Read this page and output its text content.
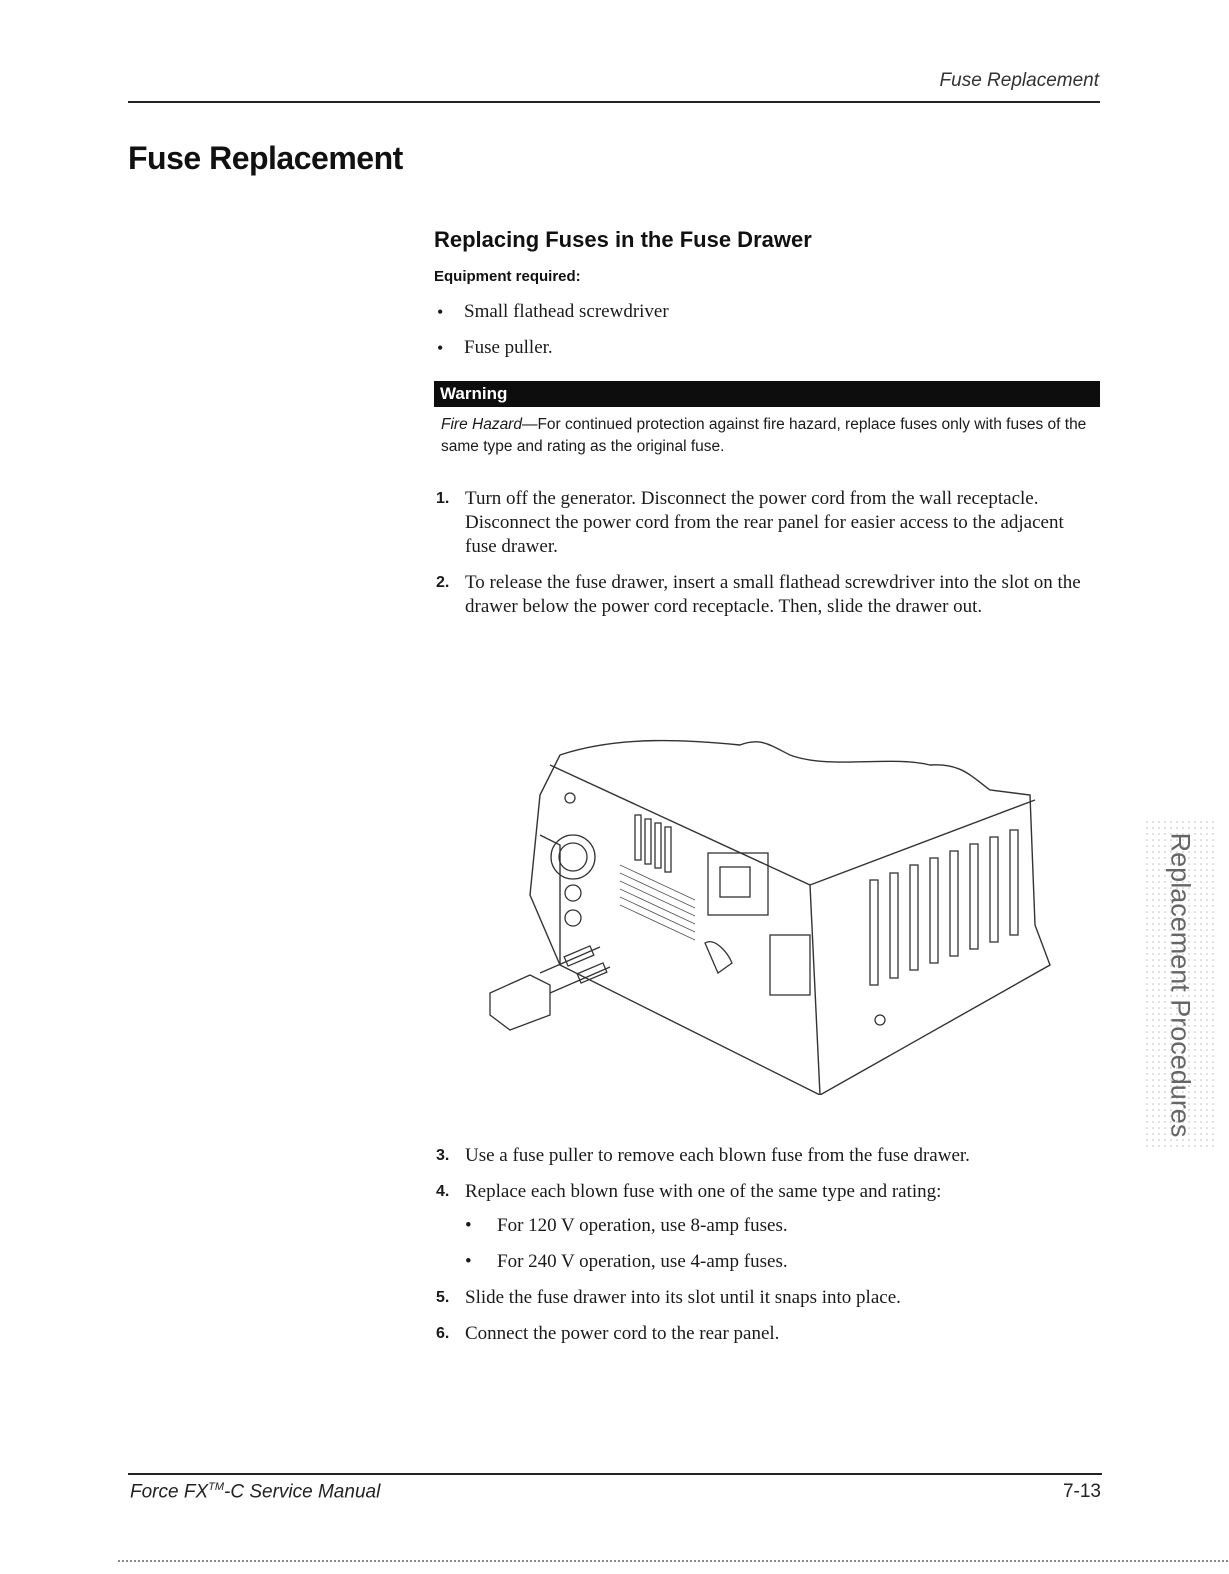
Fuse Replacement
Fuse Replacement
Replacing Fuses in the Fuse Drawer
Equipment required:
• Small flathead screwdriver
• Fuse puller.
Warning
Fire Hazard—For continued protection against fire hazard, replace fuses only with fuses of the same type and rating as the original fuse.
1. Turn off the generator. Disconnect the power cord from the wall receptacle. Disconnect the power cord from the rear panel for easier access to the adjacent fuse drawer.
2. To release the fuse drawer, insert a small flathead screwdriver into the slot on the drawer below the power cord receptacle. Then, slide the drawer out.
3. Use a fuse puller to remove each blown fuse from the fuse drawer.
4. Replace each blown fuse with one of the same type and rating:
• For 120 V operation, use 8-amp fuses.
• For 240 V operation, use 4-amp fuses.
5. Slide the fuse drawer into its slot until it snaps into place.
6. Connect the power cord to the rear panel.
Replacement Procedures
Force FX™-C Service Manual	7-13
